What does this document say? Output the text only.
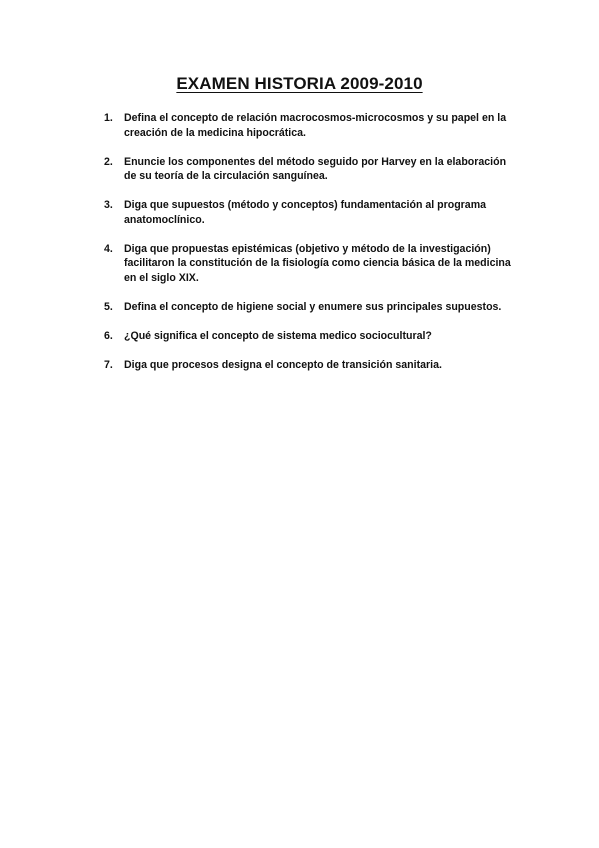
EXAMEN HISTORIA 2009-2010
1.	Defina el concepto de relación macrocosmos-microcosmos y su papel en la creación de la medicina hipocrática.
2.	Enuncie los componentes del método seguido por Harvey en la elaboración de su teoría de la circulación sanguínea.
3.	Diga que supuestos (método y conceptos) fundamentación al programa anatomoclínico.
4.	Diga que propuestas epistémicas (objetivo y método de la investigación) facilitaron la constitución de la fisiología como ciencia básica de la medicina en el siglo XIX.
5.	Defina el concepto de higiene social y enumere sus principales supuestos.
6.	¿Qué significa el concepto de sistema medico sociocultural?
7.	Diga que procesos designa el concepto de transición sanitaria.
